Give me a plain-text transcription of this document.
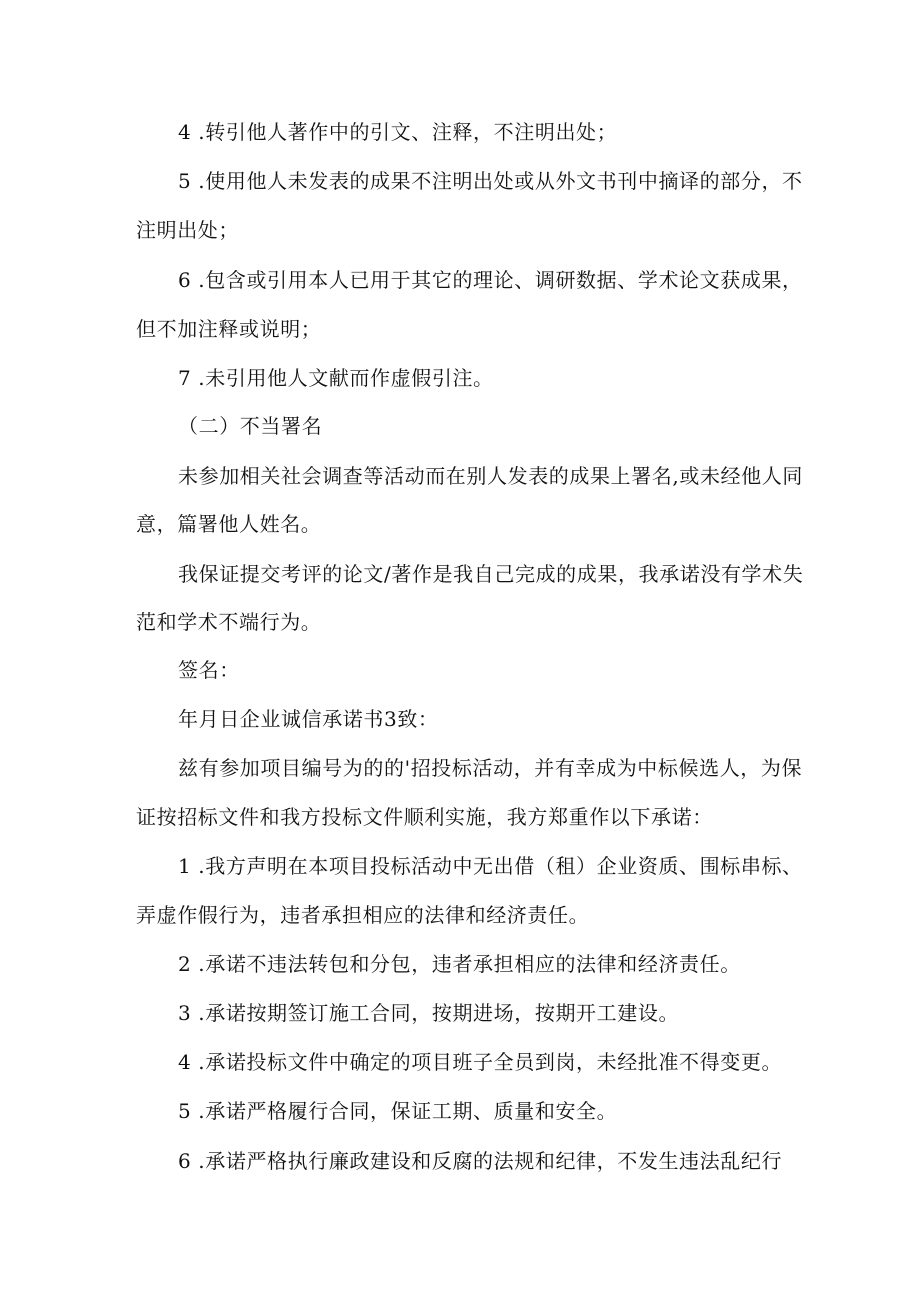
4 .转引他人著作中的引文、注释，不注明出处；
5 .使用他人未发表的成果不注明出处或从外文书刊中摘译的部分，不
注明出处；
6 .包含或引用本人已用于其它的理论、调研数据、学术论文获成果，
但不加注释或说明；
7 .未引用他人文献而作虚假引注。
（二）不当署名
未参加相关社会调查等活动而在别人发表的成果上署名,或未经他人同
意，篇署他人姓名。
我保证提交考评的论文/著作是我自己完成的成果，我承诺没有学术失
范和学术不端行为。
签名：
年月日企业诚信承诺书3致：
兹有参加项目编号为的的'招投标活动，并有幸成为中标候选人，为保
证按招标文件和我方投标文件顺利实施，我方郑重作以下承诺：
1 .我方声明在本项目投标活动中无出借（租）企业资质、围标串标、
弄虚作假行为，违者承担相应的法律和经济责任。
2 .承诺不违法转包和分包，违者承担相应的法律和经济责任。
3 .承诺按期签订施工合同，按期进场，按期开工建设。
4 .承诺投标文件中确定的项目班子全员到岗，未经批准不得变更。
5 .承诺严格履行合同，保证工期、质量和安全。
6 .承诺严格执行廉政建设和反腐的法规和纪律，不发生违法乱纪行
